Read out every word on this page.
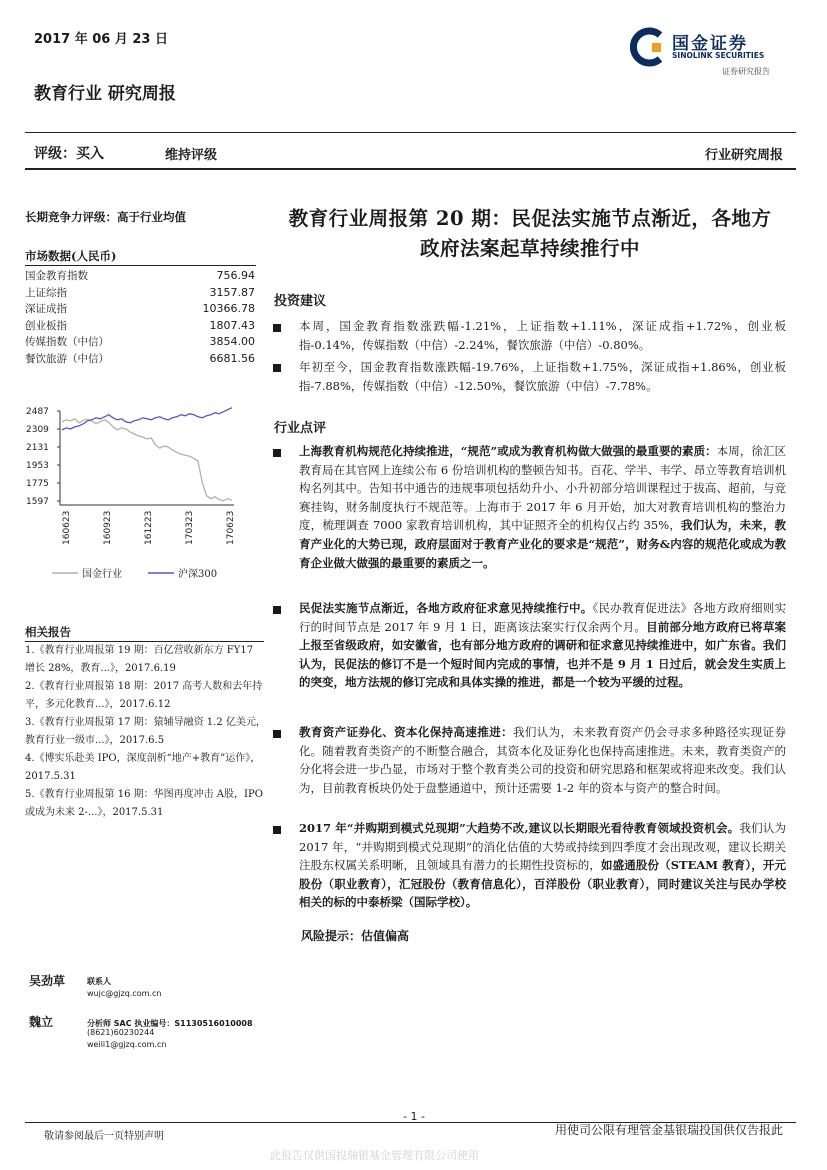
2017 年 06 月 23 日	国金证券
SINOLINK SECURITIES
证券研究报告
教育行业 研究周报
评级：买入	维持评级	行业研究周报
长期竞争力评级：高于行业均值
市场数据(人民币)
国金教育指数	756.94
上证综指	3157.87
深证成指	10366.78
创业板指	1807.43
传媒指数（中信）	3854.00
餐饮旅游（中信）	6681.56
2487
2309
2131
1953
1775
1597
160623	160923	161223	170323	170623
国金行业	沪深300
相关报告

1.《教育行业周报第 19 期：百亿营收新东方 FY17 增长 28%，教育...》，2017.6.19

2.《教育行业周报第 18 期：2017 高考人数和去年持平，多元化教育...》，2017.6.12

3.《教育行业周报第 17 期：猿辅导融资 1.2 亿美元，教育行业一级市...》，2017.6.5

4.《博实乐赴美 IPO，深度剖析“地产+教育”运作》，2017.5.31

5.《教育行业周报第 16 期：华图再度冲击 A股，IPO 或成为未来 2-...》，2017.5.31

教育行业周报第 20 期：民促法实施节点渐近，各地方政府法案起草持续推行中
投资建议
本周，国金教育指数涨跌幅-1.21%，上证指数+1.11%，深证成指+1.72%，创业板指-0.14%，传媒指数（中信）-2.24%，餐饮旅游（中信）-0.80%。
年初至今，国金教育指数涨跌幅-19.76%，上证指数+1.75%，深证成指+1.86%，创业板指-7.88%，传媒指数（中信）-12.50%，餐饮旅游（中信）-7.78%。
行业点评
上海教育机构规范化持续推进，“规范”或成为教育机构做大做强的最重要的素质：本周，徐汇区教育局在其官网上连续公布 6 份培训机构的整顿告知书。百花、学半、韦学、昂立等教育培训机构名列其中。告知书中通告的违规事项包括幼升小、小升初部分培训课程过于拔高、超前，与竞赛挂钩，财务制度执行不规范等。上海市于 2017 年 6 月开始，加大对教育培训机构的整治力度，梳理调查 7000 家教育培训机构，其中证照齐全的机构仅占约 35%，我们认为，未来，教育产业化的大势已现，政府层面对于教育产业化的要求是“规范”，财务&内容的规范化或成为教育企业做大做强的最重要的素质之一。
民促法实施节点渐近，各地方政府征求意见持续推行中。《民办教育促进法》各地方政府细则实行的时间节点是 2017 年 9 月 1 日，距离该法案实行仅余两个月。目前部分地方政府已将草案上报至省级政府，如安徽省，也有部分地方政府的调研和征求意见持续推进中，如广东省。我们认为，民促法的修订不是一个短时间内完成的事情，也并不是 9 月 1 日过后，就会发生实质上的突变，地方法规的修订完成和具体实操的推进，都是一个较为平缓的过程。
教育资产证券化、资本化保持高速推进：我们认为，未来教育资产仍会寻求多种路径实现证券化。随着教育类资产的不断整合融合，其资本化及证券化也保持高速推进。未来，教育类资产的分化将会进一步凸显，市场对于整个教育类公司的投资和研究思路和框架或将迎来改变。我们认为，目前教育板块仍处于盘整通道中，预计还需要 1-2 年的资本与资产的整合时间。
2017 年“并购期到模式兑现期”大趋势不改,建议以长期眼光看待教育领域投资机会。我们认为 2017 年，“并购期到模式兑现期”的消化估值的大势或持续到四季度才会出现改观，建议长期关注股东权属关系明晰，且领域具有潜力的长期性投资标的，如盛通股份（STEAM 教育），开元股份（职业教育），汇冠股份（教育信息化），百洋股份（职业教育），同时建议关注与民办学校相关的标的中泰桥梁（国际学校）。
风险提示：估值偏高
吴劲草	联系人
wujc@gjzq.com.cn
魏立	分析师 SAC 执业编号：S1130516010008
(8621)60230244
weili1@gjzq.com.cn
- 1 -
敬请参阅最后一页特别声明	用使司公限有理管金基银瑞投国供仅告报此
此报告仅供国投瑞银基金管理有限公司使用
